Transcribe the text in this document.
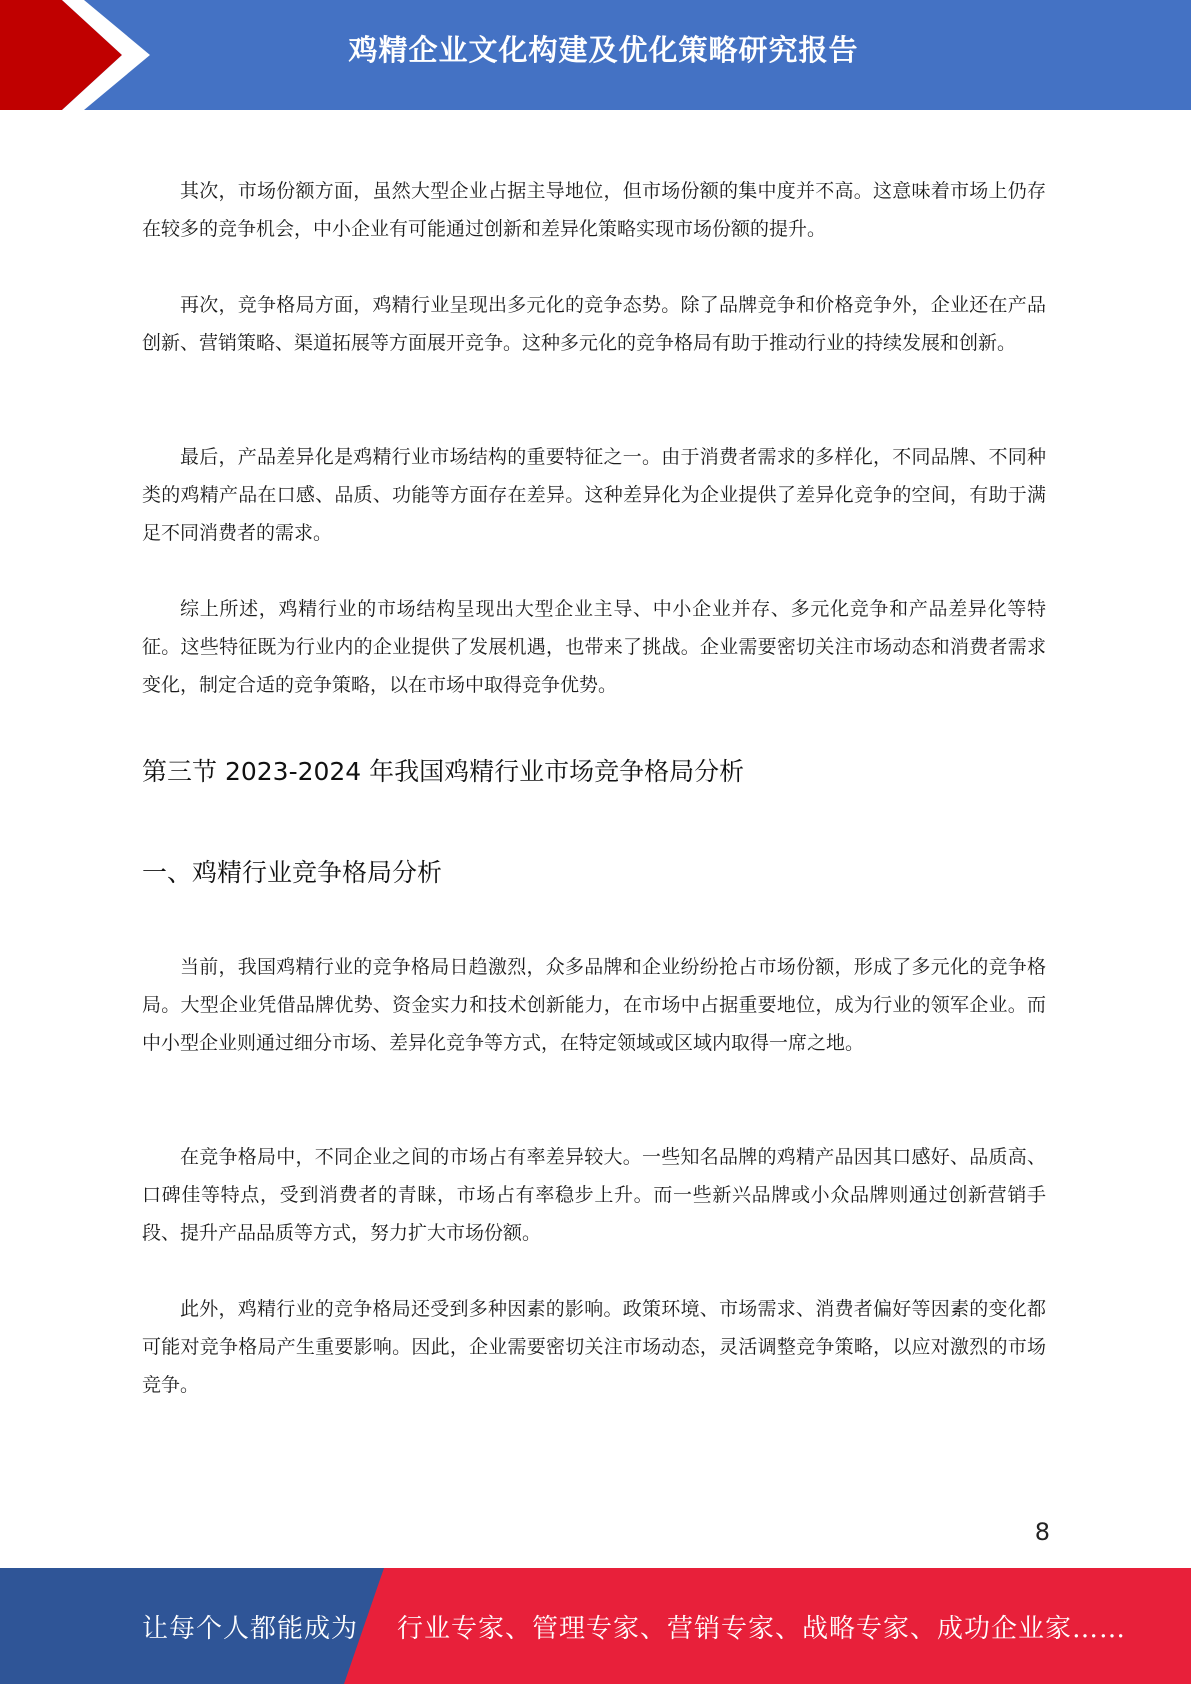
鸡精企业文化构建及优化策略研究报告

其次，市场份额方面，虽然大型企业占据主导地位，但市场份额的集中度并不高。这意味着市场上仍存在较多的竞争机会，中小企业有可能通过创新和差异化策略实现市场份额的提升。

再次，竞争格局方面，鸡精行业呈现出多元化的竞争态势。除了品牌竞争和价格竞争外，企业还在产品创新、营销策略、渠道拓展等方面展开竞争。这种多元化的竞争格局有助于推动行业的持续发展和创新。

最后，产品差异化是鸡精行业市场结构的重要特征之一。由于消费者需求的多样化，不同品牌、不同种类的鸡精产品在口感、品质、功能等方面存在差异。这种差异化为企业提供了差异化竞争的空间，有助于满足不同消费者的需求。

综上所述，鸡精行业的市场结构呈现出大型企业主导、中小企业并存、多元化竞争和产品差异化等特征。这些特征既为行业内的企业提供了发展机遇，也带来了挑战。企业需要密切关注市场动态和消费者需求变化，制定合适的竞争策略，以在市场中取得竞争优势。

第三节 2023-2024 年我国鸡精行业市场竞争格局分析
一、鸡精行业竞争格局分析

当前，我国鸡精行业的竞争格局日趋激烈，众多品牌和企业纷纷抢占市场份额，形成了多元化的竞争格局。大型企业凭借品牌优势、资金实力和技术创新能力，在市场中占据重要地位，成为行业的领军企业。而中小型企业则通过细分市场、差异化竞争等方式，在特定领域或区域内取得一席之地。

在竞争格局中，不同企业之间的市场占有率差异较大。一些知名品牌的鸡精产品因其口感好、品质高、口碑佳等特点，受到消费者的青睐，市场占有率稳步上升。而一些新兴品牌或小众品牌则通过创新营销手段、提升产品品质等方式，努力扩大市场份额。

此外，鸡精行业的竞争格局还受到多种因素的影响。政策环境、市场需求、消费者偏好等因素的变化都可能对竞争格局产生重要影响。因此，企业需要密切关注市场动态，灵活调整竞争策略，以应对激烈的市场竞争。

8
让每个人都能成为 行业专家、管理专家、营销专家、战略专家、成功企业家……
